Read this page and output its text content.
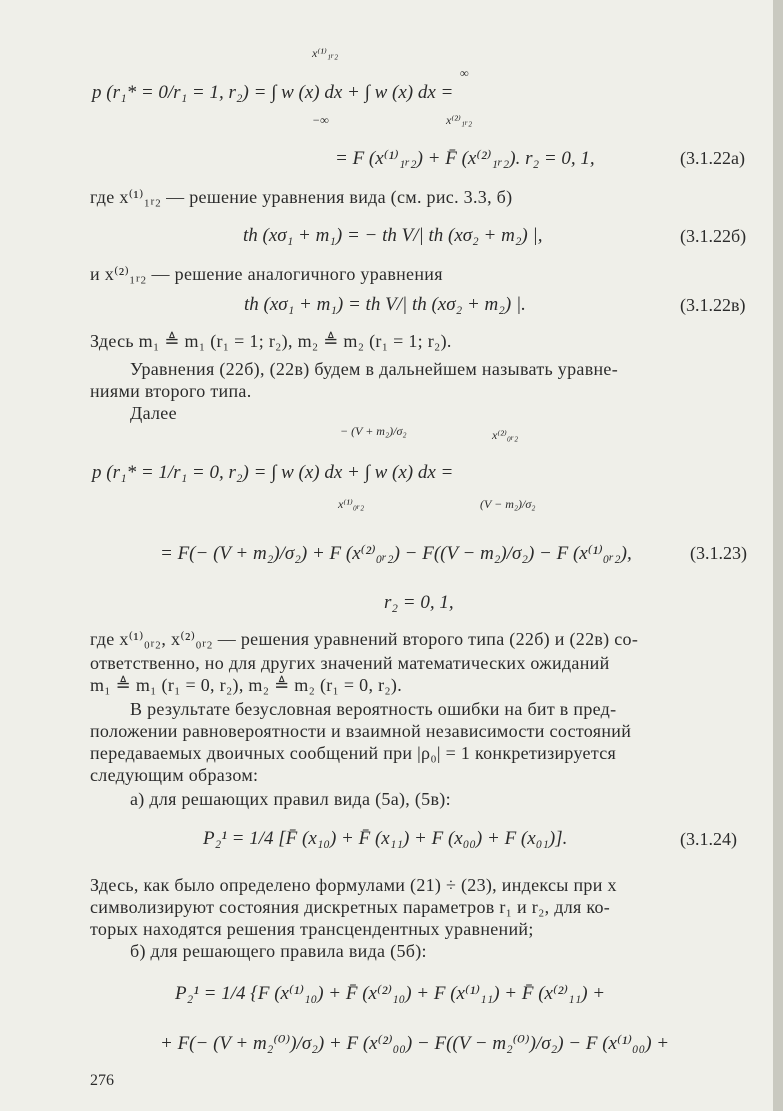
x⁽¹⁾₁ᵣ₂
−∞
∞
x⁽²⁾₁ᵣ₂
p (r₁* = 0/r₁ = 1, r₂) = ∫ w (x) dx + ∫ w (x) dx =
= F (x⁽¹⁾₁ᵣ₂) + F̄ (x⁽²⁾₁ᵣ₂). r₂ = 0, 1,	(3.1.22а)
где x⁽¹⁾₁ᵣ₂ — решение уравнения вида (см. рис. 3.3, б)
th (xσ₁ + m₁) = − th V/| th (xσ₂ + m₂) |,	(3.1.22б)
и x⁽²⁾₁ᵣ₂ — решение аналогичного уравнения
th (xσ₁ + m₁) = th V/| th (xσ₂ + m₂) |.	(3.1.22в)
Здесь m₁ ≜ m₁ (r₁ = 1; r₂), m₂ ≜ m₂ (r₁ = 1; r₂).
Уравнения (22б), (22в) будем в дальнейшем называть уравне-
ниями второго типа.
Далее
− (V + m₂)/σ₂
x⁽¹⁾₀ᵣ₂
x⁽²⁾₀ᵣ₂
(V − m₂)/σ₂
p (r₁* = 1/r₁ = 0, r₂) = ∫ w (x) dx + ∫ w (x) dx =
= F(− (V + m₂)/σ₂) + F (x⁽²⁾₀ᵣ₂) − F((V − m₂)/σ₂) − F (x⁽¹⁾₀ᵣ₂),	(3.1.23)
r₂ = 0, 1,
где x⁽¹⁾₀ᵣ₂, x⁽²⁾₀ᵣ₂ — решения уравнений второго типа (22б) и (22в) со-
ответственно, но для других значений математических ожиданий
m₁ ≜ m₁ (r₁ = 0, r₂), m₂ ≜ m₂ (r₁ = 0, r₂).
В результате безусловная вероятность ошибки на бит в пред-
положении равновероятности и взаимной независимости состояний
передаваемых двоичных сообщений при |ρ₀| = 1 конкретизируется
следующим образом:
а) для решающих правил вида (5а), (5в):
P₂¹ = 1/4 [F̄ (x₁₀) + F̄ (x₁₁) + F (x₀₀) + F (x₀₁)].	(3.1.24)
Здесь, как было определено формулами (21) ÷ (23), индексы при x
символизируют состояния дискретных параметров r₁ и r₂, для ко-
торых находятся решения трансцендентных уравнений;
б) для решающего правила вида (5б):
P₂¹ = 1/4 {F (x⁽¹⁾₁₀) + F̄ (x⁽²⁾₁₀) + F (x⁽¹⁾₁₁) + F̄ (x⁽²⁾₁₁) +
+ F(− (V + m₂⁽⁰⁾)/σ₂) + F (x⁽²⁾₀₀) − F((V − m₂⁽⁰⁾)/σ₂) − F (x⁽¹⁾₀₀) +
276
